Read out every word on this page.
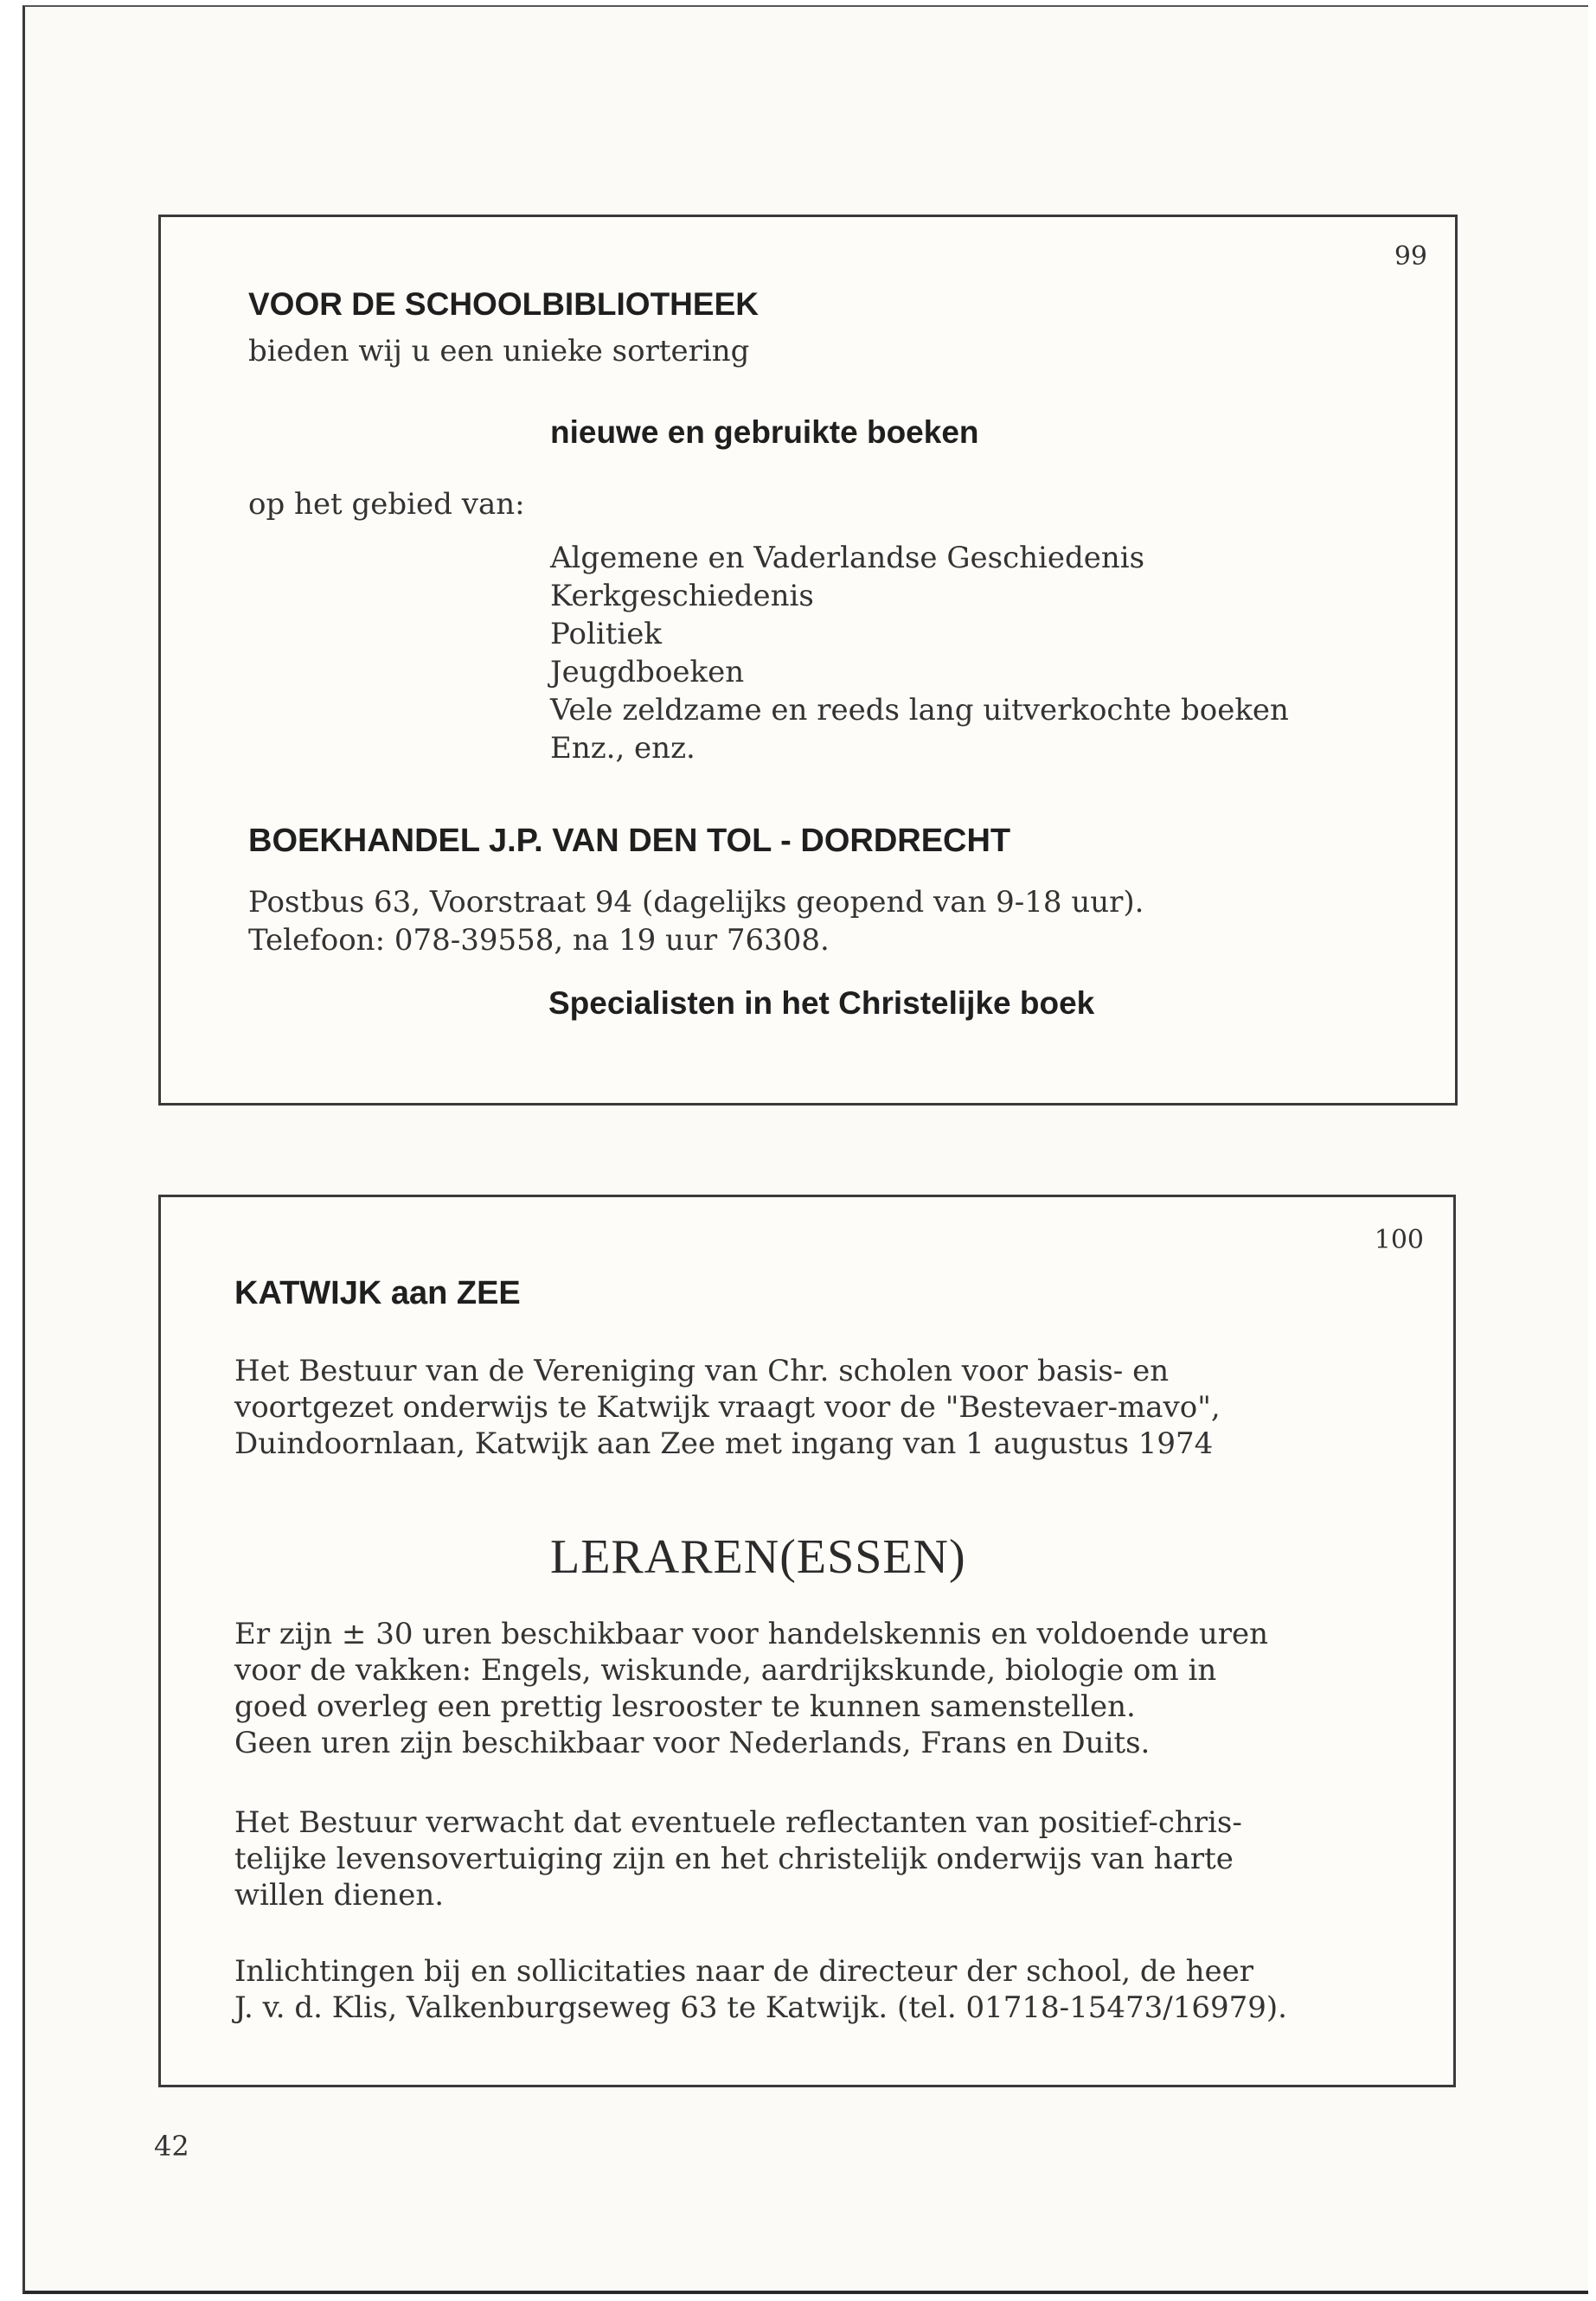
99
VOOR DE SCHOOLBIBLIOTHEEK
bieden wij u een unieke sortering
nieuwe en gebruikte boeken
op het gebied van:
Algemene en Vaderlandse Geschiedenis
Kerkgeschiedenis
Politiek
Jeugdboeken
Vele zeldzame en reeds lang uitverkochte boeken
Enz., enz.
BOEKHANDEL J.P. VAN DEN TOL - DORDRECHT
Postbus 63, Voorstraat 94 (dagelijks geopend van 9-18 uur).
Telefoon: 078-39558, na 19 uur 76308.
Specialisten in het Christelijke boek
100
KATWIJK aan ZEE
Het Bestuur van de Vereniging van Chr. scholen voor basis- en
voortgezet onderwijs te Katwijk vraagt voor de "Bestevaer-mavo",
Duindoornlaan, Katwijk aan Zee met ingang van 1 augustus 1974
LERAREN(ESSEN)
Er zijn ± 30 uren beschikbaar voor handelskennis en voldoende uren
voor de vakken: Engels, wiskunde, aardrijkskunde, biologie om in
goed overleg een prettig lesrooster te kunnen samenstellen.
Geen uren zijn beschikbaar voor Nederlands, Frans en Duits.
Het Bestuur verwacht dat eventuele reflectanten van positief-chris-
telijke levensovertuiging zijn en het christelijk onderwijs van harte
willen dienen.
Inlichtingen bij en sollicitaties naar de directeur der school, de heer
J. v. d. Klis, Valkenburgseweg 63 te Katwijk. (tel. 01718-15473/16979).
42
